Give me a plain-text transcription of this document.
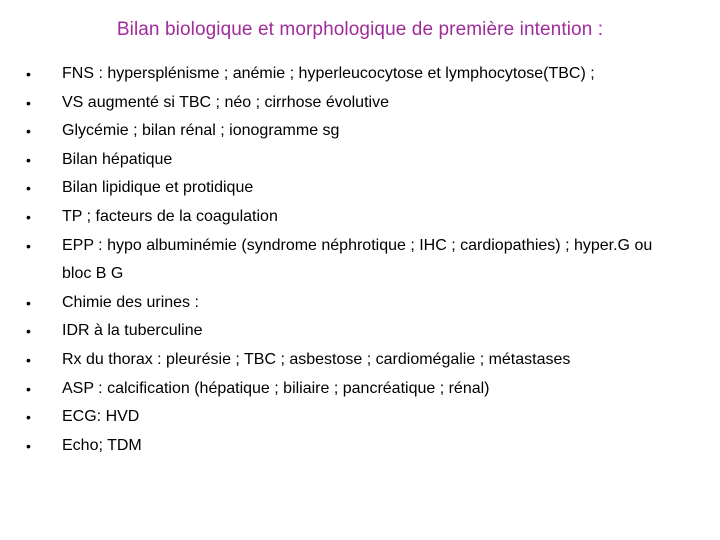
Bilan biologique et morphologique de première intention :
•	FNS : hypersplénisme ; anémie ; hyperleucocytose et lymphocytose(TBC) ;
•	VS augmenté si TBC ; néo ; cirrhose évolutive
•	Glycémie ; bilan rénal ; ionogramme sg
•	Bilan hépatique
•	Bilan lipidique et protidique
•	TP ; facteurs de la coagulation
•	EPP : hypo albuminémie (syndrome néphrotique ; IHC ; cardiopathies) ; hyper.G ou bloc B G
•	Chimie des urines :
•	IDR à la tuberculine
•	Rx du thorax : pleurésie ; TBC ; asbestose ; cardiomégalie ; métastases
•	ASP : calcification (hépatique ; biliaire ; pancréatique ; rénal)
•	ECG: HVD
•	Echo; TDM
